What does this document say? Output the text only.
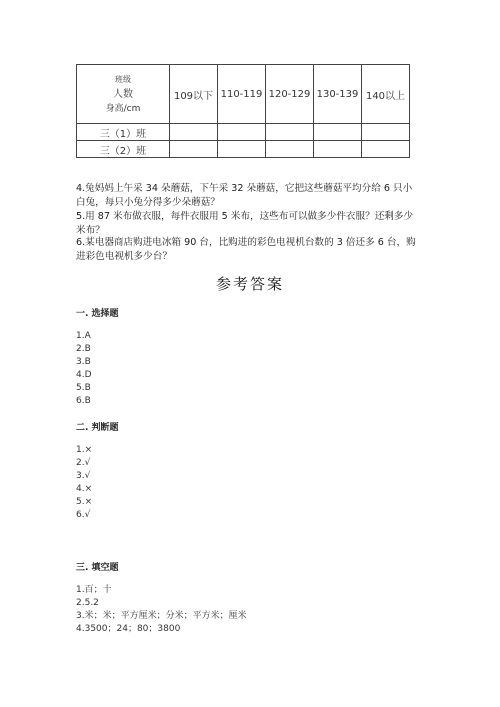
班级
人数
身高/cm	109以下	110-119	120-129	130-139	140以上
三（1）班					
三（2）班					
4.兔妈妈上午采 34 朵蘑菇，下午采 32 朵蘑菇，它把这些蘑菇平均分给 6 只小
白兔，每只小兔分得多少朵蘑菇？
5.用 87 米布做衣服，每件衣服用 5 米布，这些布可以做多少件衣服？还剩多少
米布？
6.某电器商店购进电冰箱 90 台，比购进的彩色电视机台数的 3 倍还多 6 台，购
进彩色电视机多少台？
参考答案
一. 选择题
1.A
2.B
3.B
4.D
5.B
6.B
二. 判断题
1.×
2.√
3.√
4.×
5.×
6.√
三. 填空题
1.百；十
2.5.2
3.米；米；平方厘米；分米；平方米；厘米
4.3500；24；80；3800
